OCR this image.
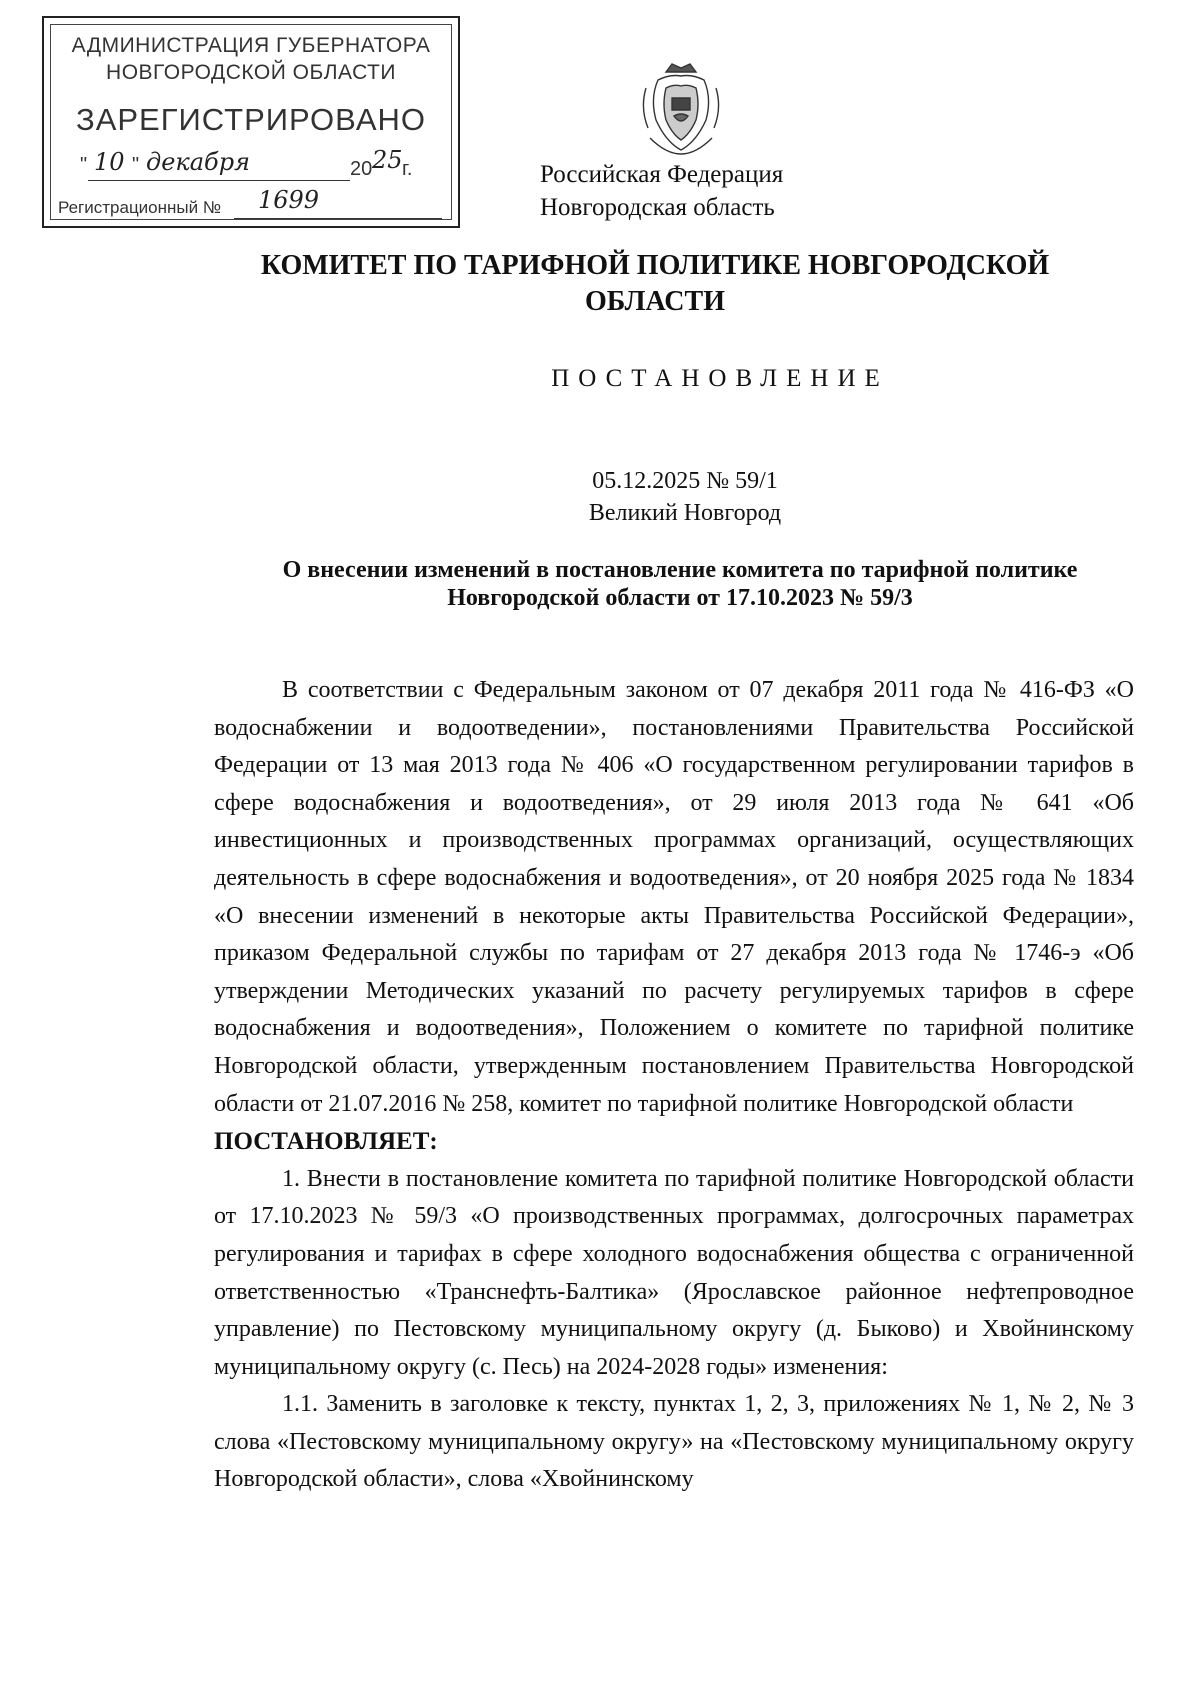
АДМИНИСТРАЦИЯ ГУБЕРНАТОРА
НОВГОРОДСКОЙ ОБЛАСТИ
ЗАРЕГИСТРИРОВАНО
" 10 " декабря	20 25 г.
Регистрационный № 1699
Российская Федерация
Новгородская область
КОМИТЕТ ПО ТАРИФНОЙ ПОЛИТИКЕ НОВГОРОДСКОЙ
ОБЛАСТИ
ПОСТАНОВЛЕНИЕ
05.12.2025 № 59/1
Великий Новгород
О внесении изменений в постановление комитета по тарифной политике
Новгородской области от 17.10.2023 № 59/3

В соответствии с Федеральным законом от 07 декабря 2011 года № 416-ФЗ «О водоснабжении и водоотведении», постановлениями Правительства Российской Федерации от 13 мая 2013 года № 406 «О государственном регулировании тарифов в сфере водоснабжения и водоотведения», от 29 июля 2013 года № 641 «Об инвестиционных и производственных программах организаций, осуществляющих деятельность в сфере водоснабжения и водоотведения», от 20 ноября 2025 года № 1834 «О внесении изменений в некоторые акты Правительства Российской Федерации», приказом Федеральной службы по тарифам от 27 декабря 2013 года № 1746-э «Об утверждении Методических указаний по расчету регулируемых тарифов в сфере водоснабжения и водоотведения», Положением о комитете по тарифной политике Новгородской области, утвержденным постановлением Правительства Новгородской области от 21.07.2016 № 258, комитет по тарифной политике Новгородской области

ПОСТАНОВЛЯЕТ:

1. Внести в постановление комитета по тарифной политике Новгородской области от 17.10.2023 № 59/3 «О производственных программах, долгосрочных параметрах регулирования и тарифах в сфере холодного водоснабжения общества с ограниченной ответственностью «Транснефть-Балтика» (Ярославское районное нефтепроводное управление) по Пестовскому муниципальному округу (д. Быково) и Хвойнинскому муниципальному округу (с. Песь) на 2024-2028 годы» изменения:

1.1. Заменить в заголовке к тексту, пунктах 1, 2, 3, приложениях № 1, № 2, № 3 слова «Пестовскому муниципальному округу» на «Пестовскому муниципальному округу Новгородской области», слова «Хвойнинскому
